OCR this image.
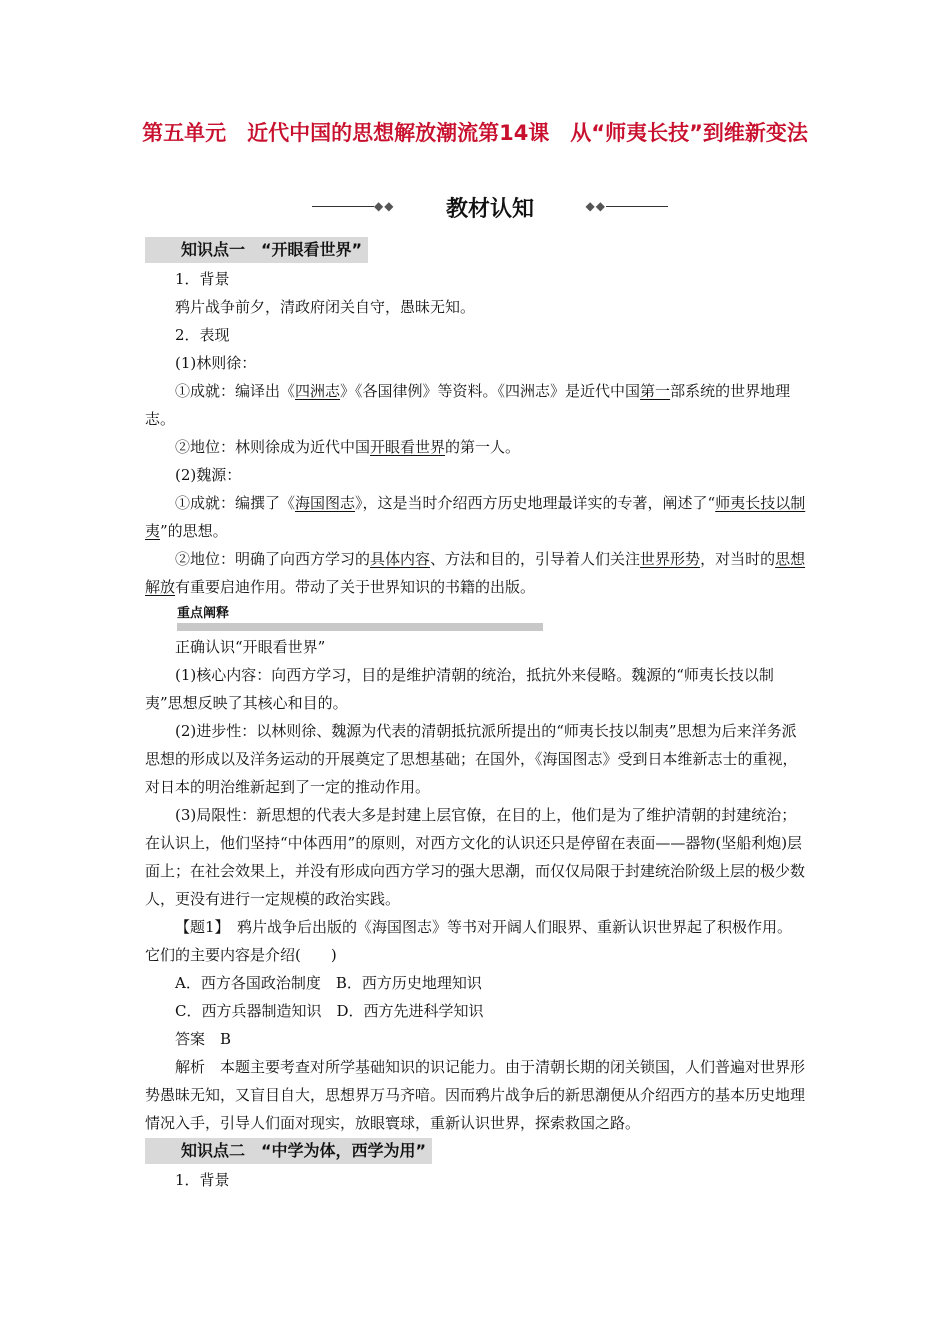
第五单元　近代中国的思想解放潮流第14课　从“师夷长技”到维新变法
◆◆	教材认知	◆◆
知识点一　“开眼看世界”

1．背景

鸦片战争前夕，清政府闭关自守，愚昧无知。

2．表现

(1)林则徐：

①成就：编译出《四洲志》《各国律例》等资料。《四洲志》是近代中国第一部系统的世界地理志。

②地位：林则徐成为近代中国开眼看世界的第一人。

(2)魏源：

①成就：编撰了《海国图志》，这是当时介绍西方历史地理最详实的专著，阐述了“师夷长技以制夷”的思想。

②地位：明确了向西方学习的具体内容、方法和目的，引导着人们关注世界形势，对当时的思想解放有重要启迪作用。带动了关于世界知识的书籍的出版。

重点阐释

正确认识“开眼看世界”

(1)核心内容：向西方学习，目的是维护清朝的统治，抵抗外来侵略。魏源的“师夷长技以制夷”思想反映了其核心和目的。

(2)进步性：以林则徐、魏源为代表的清朝抵抗派所提出的“师夷长技以制夷”思想为后来洋务派思想的形成以及洋务运动的开展奠定了思想基础；在国外，《海国图志》受到日本维新志士的重视，对日本的明治维新起到了一定的推动作用。

(3)局限性：新思想的代表大多是封建上层官僚，在目的上，他们是为了维护清朝的封建统治；在认识上，他们坚持“中体西用”的原则，对西方文化的认识还只是停留在表面——器物(坚船利炮)层面上；在社会效果上，并没有形成向西方学习的强大思潮，而仅仅局限于封建统治阶级上层的极少数人，更没有进行一定规模的政治实践。

【题1】　鸦片战争后出版的《海国图志》等书对开阔人们眼界、重新认识世界起了积极作用。它们的主要内容是介绍(　　)

A．西方各国政治制度　B．西方历史地理知识

C．西方兵器制造知识　D．西方先进科学知识

答案　B

解析　本题主要考查对所学基础知识的识记能力。由于清朝长期的闭关锁国，人们普遍对世界形势愚昧无知，又盲目自大，思想界万马齐喑。因而鸦片战争后的新思潮便从介绍西方的基本历史地理情况入手，引导人们面对现实，放眼寰球，重新认识世界，探索救国之路。

知识点二　“中学为体，西学为用”

1．背景
